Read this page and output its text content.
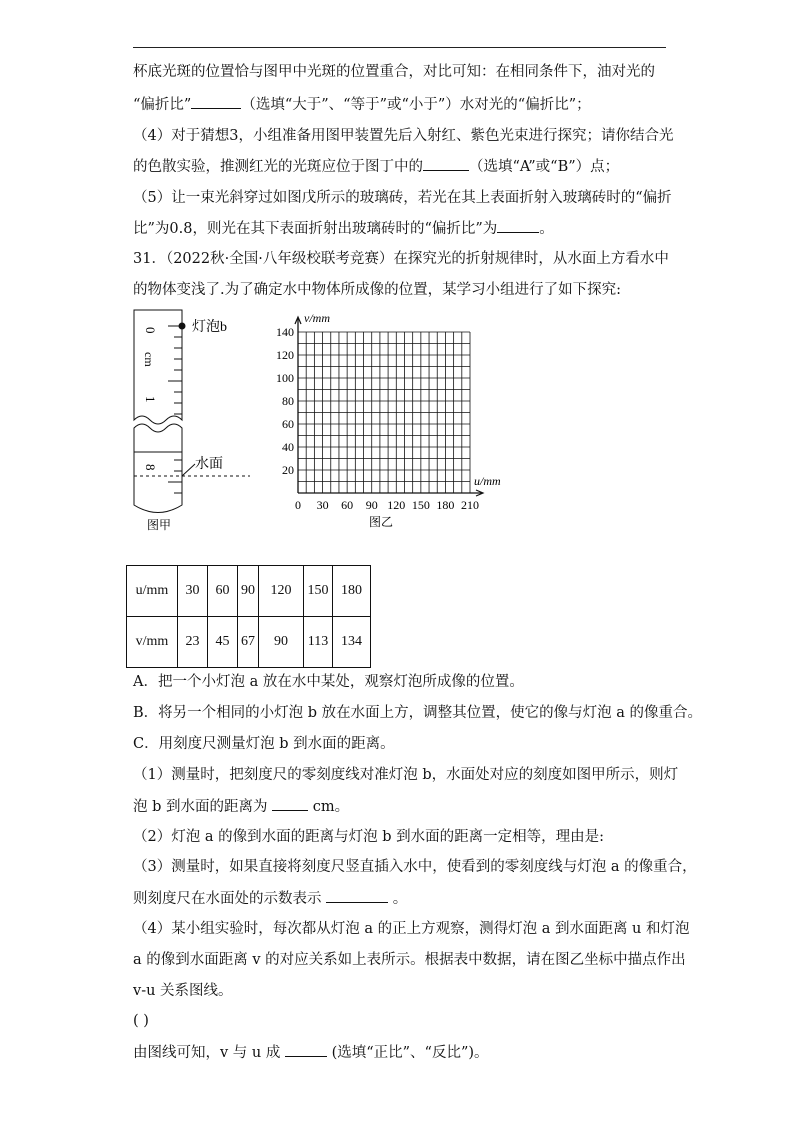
杯底光斑的位置恰与图甲中光斑的位置重合，对比可知：在相同条件下，油对光的
“偏折比”	（选填“大于”、“等于”或“小于”）水对光的“偏折比”；
（4）对于猜想3，小组准备用图甲装置先后入射红、紫色光束进行探究；请你结合光
的色散实验，推测红光的光斑应位于图丁中的	（选填“A”或“B”）点；
（5）让一束光斜穿过如图戊所示的玻璃砖，若光在其上表面折射入玻璃砖时的“偏折
比”为0.8，则光在其下表面折射出玻璃砖时的“偏折比”为	。
31．（2022秋·全国·八年级校联考竞赛）在探究光的折射规律时，从水面上方看水中
的物体变浅了.为了确定水中物体所成像的位置，某学习小组进行了如下探究:
灯泡b
0
cm
1
8	水面
图甲
0 30 60 90 120 150 180 210
20
40
60
80
100
120
140
v/mm
u/mm
图乙
u/mm	30	60	90	120	150	180
v/mm	23	45	67	90	113	134
A．把一个小灯泡 a 放在水中某处，观察灯泡所成像的位置。
B．将另一个相同的小灯泡 b 放在水面上方，调整其位置，使它的像与灯泡 a 的像重合。
C．用刻度尺测量灯泡 b 到水面的距离。
（1）测量时，把刻度尺的零刻度线对准灯泡 b，水面处对应的刻度如图甲所示，则灯
泡 b 到水面的距离为	cm。
（2）灯泡 a 的像到水面的距离与灯泡 b 到水面的距离一定相等，理由是:
（3）测量时，如果直接将刻度尺竖直插入水中，使看到的零刻度线与灯泡 a 的像重合，
则刻度尺在水面处的示数表示	。
（4）某小组实验时，每次都从灯泡 a 的正上方观察，测得灯泡 a 到水面距离 u 和灯泡
a 的像到水面距离 v 的对应关系如上表所示。根据表中数据，请在图乙坐标中描点作出
v-u 关系图线。
( )
由图线可知，v 与 u 成	(选填“正比”、“反比”)。
